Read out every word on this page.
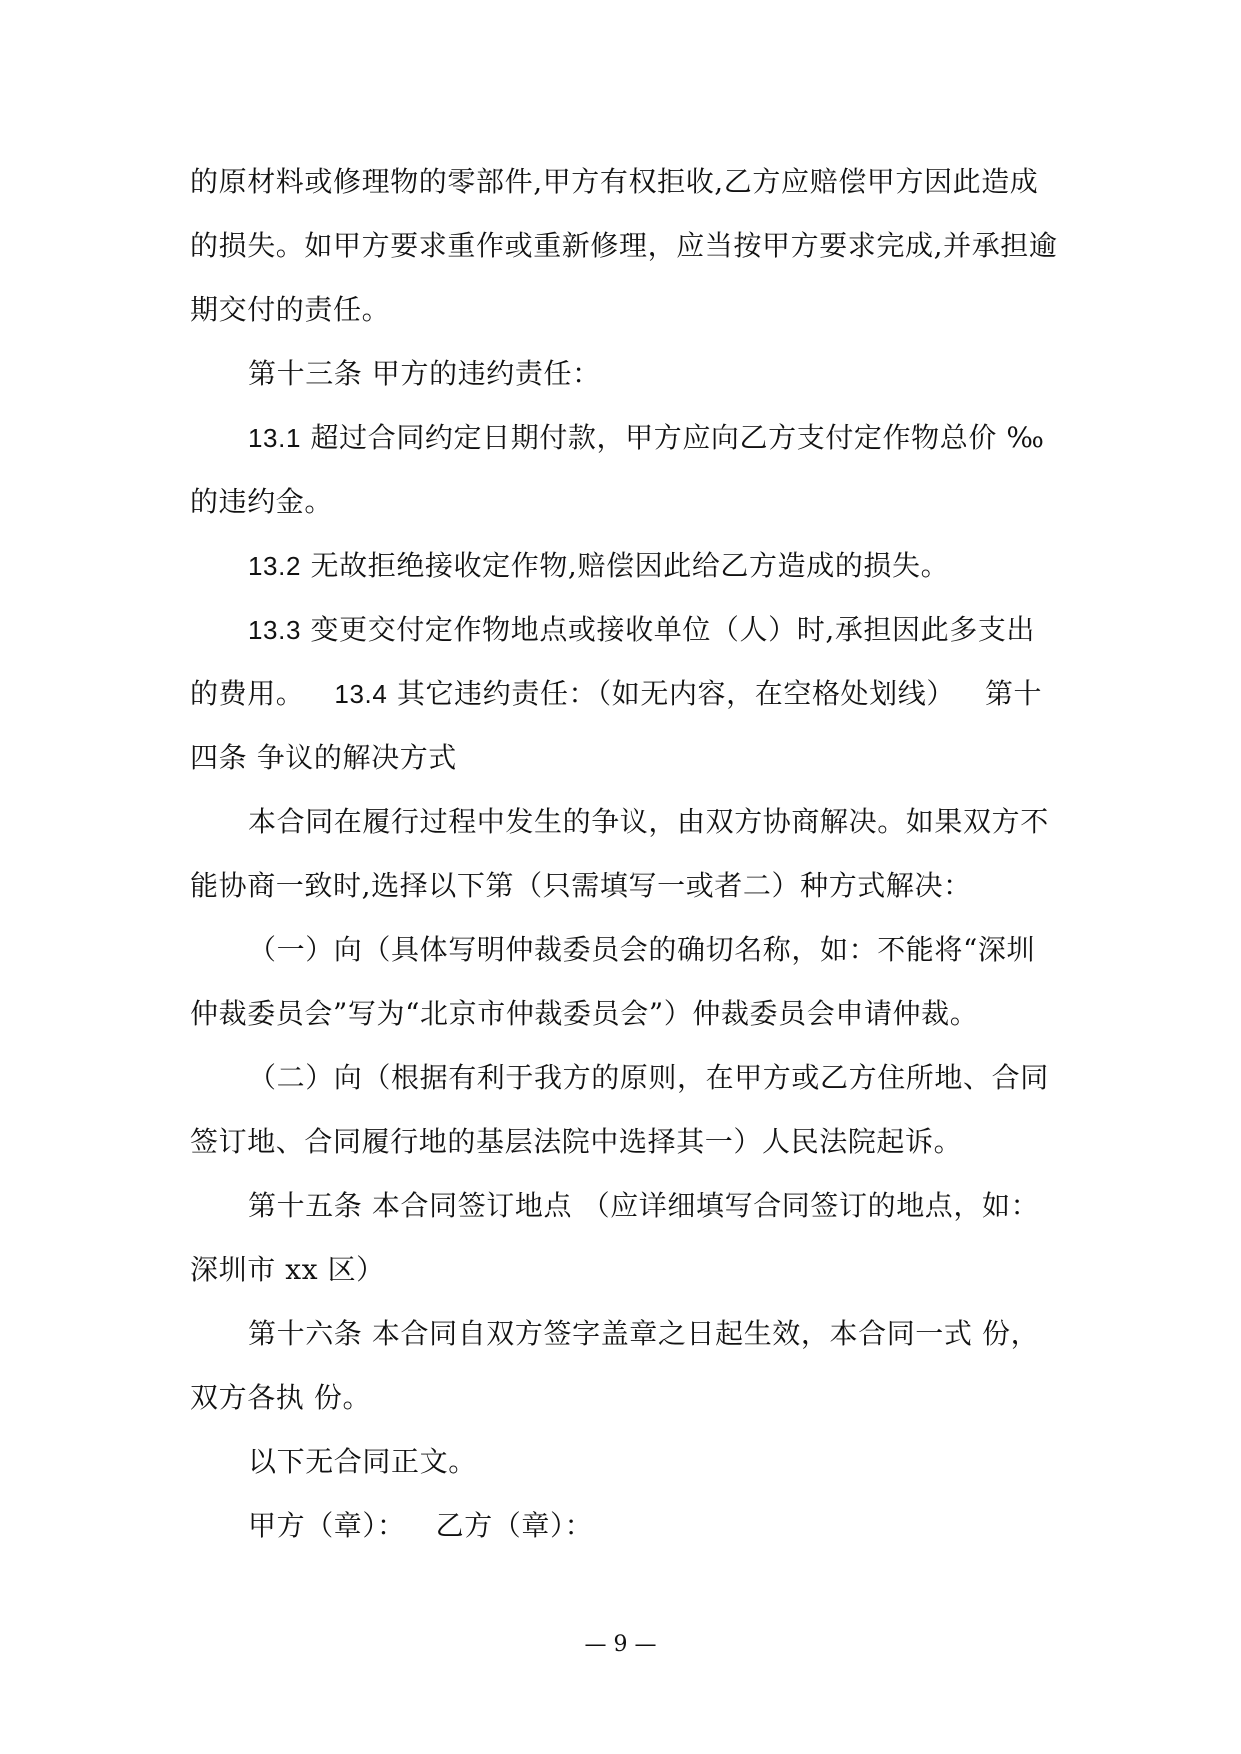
的原材料或修理物的零部件,甲方有权拒收,乙方应赔偿甲方因此造成的损失。如甲方要求重作或重新修理，应当按甲方要求完成,并承担逾期交付的责任。

第十三条 甲方的违约责任：

13.1 超过合同约定日期付款，甲方应向乙方支付定作物总价 ‰的违约金。

13.2 无故拒绝接收定作物,赔偿因此给乙方造成的损失。

13.3 变更交付定作物地点或接收单位（人）时,承担因此多支出的费用。 13.4 其它违约责任：（如无内容，在空格处划线） 第十四条 争议的解决方式

本合同在履行过程中发生的争议，由双方协商解决。如果双方不能协商一致时,选择以下第（只需填写一或者二）种方式解决：

（一）向（具体写明仲裁委员会的确切名称，如：不能将“深圳仲裁委员会”写为“北京市仲裁委员会”）仲裁委员会申请仲裁。

（二）向（根据有利于我方的原则，在甲方或乙方住所地、合同签订地、合同履行地的基层法院中选择其一）人民法院起诉。

第十五条 本合同签订地点 （应详细填写合同签订的地点，如：深圳市 xx 区）

第十六条 本合同自双方签字盖章之日起生效，本合同一式 份，双方各执 份。

以下无合同正文。

甲方（章）： 乙方（章）：

— 9 —
